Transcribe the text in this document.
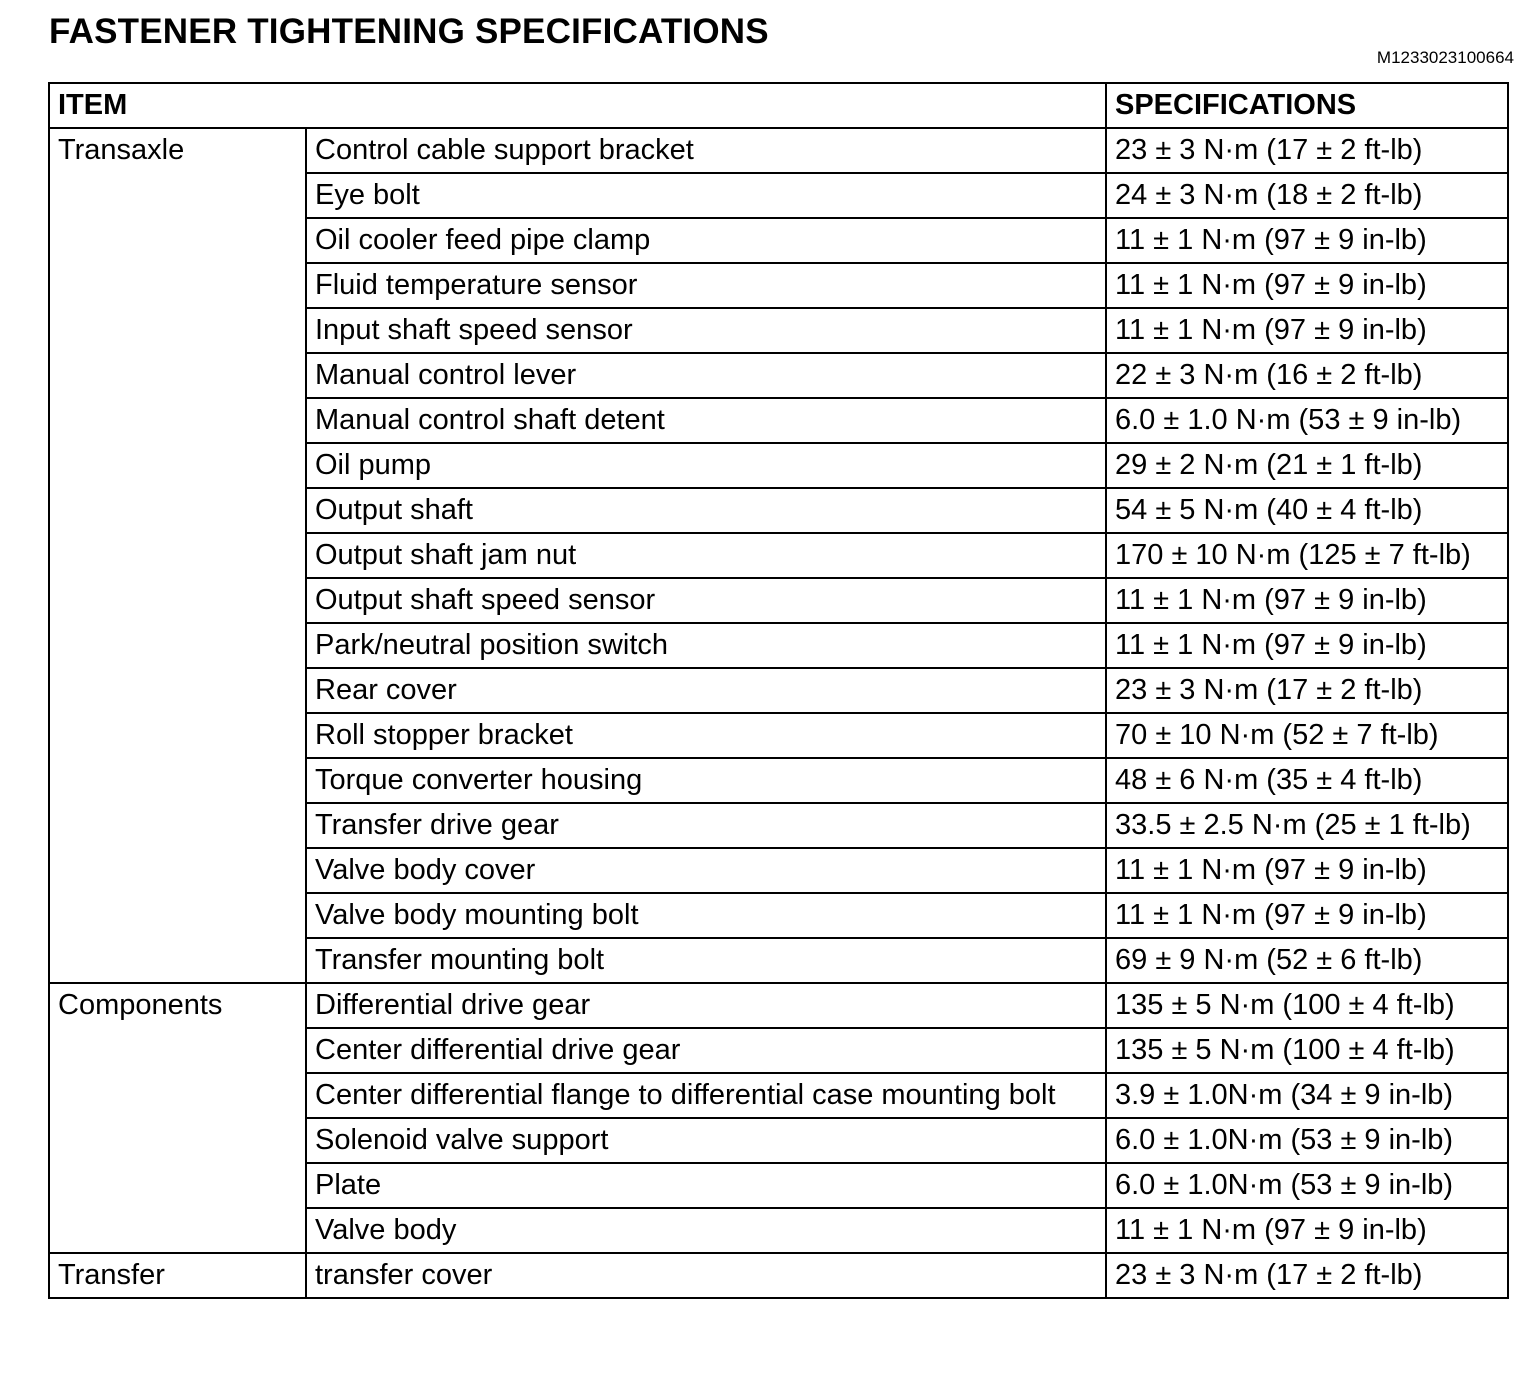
FASTENER TIGHTENING SPECIFICATIONS
M1233023100664
ITEM		SPECIFICATIONS
Transaxle	Control cable support bracket	23 ± 3 N·m (17 ± 2 ft-lb)
	Eye bolt	24 ± 3 N·m (18 ± 2 ft-lb)
	Oil cooler feed pipe clamp	11 ± 1 N·m (97 ± 9 in-lb)
	Fluid temperature sensor	11 ± 1 N·m (97 ± 9 in-lb)
	Input shaft speed sensor	11 ± 1 N·m (97 ± 9 in-lb)
	Manual control lever	22 ± 3 N·m (16 ± 2 ft-lb)
	Manual control shaft detent	6.0 ± 1.0 N·m (53 ± 9 in-lb)
	Oil pump	29 ± 2 N·m (21 ± 1 ft-lb)
	Output shaft	54 ± 5 N·m (40 ± 4 ft-lb)
	Output shaft jam nut	170 ± 10 N·m (125 ± 7 ft-lb)
	Output shaft speed sensor	11 ± 1 N·m (97 ± 9 in-lb)
	Park/neutral position switch	11 ± 1 N·m (97 ± 9 in-lb)
	Rear cover	23 ± 3 N·m (17 ± 2 ft-lb)
	Roll stopper bracket	70 ± 10 N·m (52 ± 7 ft-lb)
	Torque converter housing	48 ± 6 N·m (35 ± 4 ft-lb)
	Transfer drive gear	33.5 ± 2.5 N·m (25 ± 1 ft-lb)
	Valve body cover	11 ± 1 N·m (97 ± 9 in-lb)
	Valve body mounting bolt	11 ± 1 N·m (97 ± 9 in-lb)
	Transfer mounting bolt	69 ± 9 N·m (52 ± 6 ft-lb)
Components	Differential drive gear	135 ± 5 N·m (100 ± 4 ft-lb)
	Center differential drive gear	135 ± 5 N·m (100 ± 4 ft-lb)
	Center differential flange to differential case mounting bolt	3.9 ± 1.0N·m (34 ± 9 in-lb)
	Solenoid valve support	6.0 ± 1.0N·m (53 ± 9 in-lb)
	Plate	6.0 ± 1.0N·m (53 ± 9 in-lb)
	Valve body	11 ± 1 N·m (97 ± 9 in-lb)
Transfer	transfer cover	23 ± 3 N·m (17 ± 2 ft-lb)
